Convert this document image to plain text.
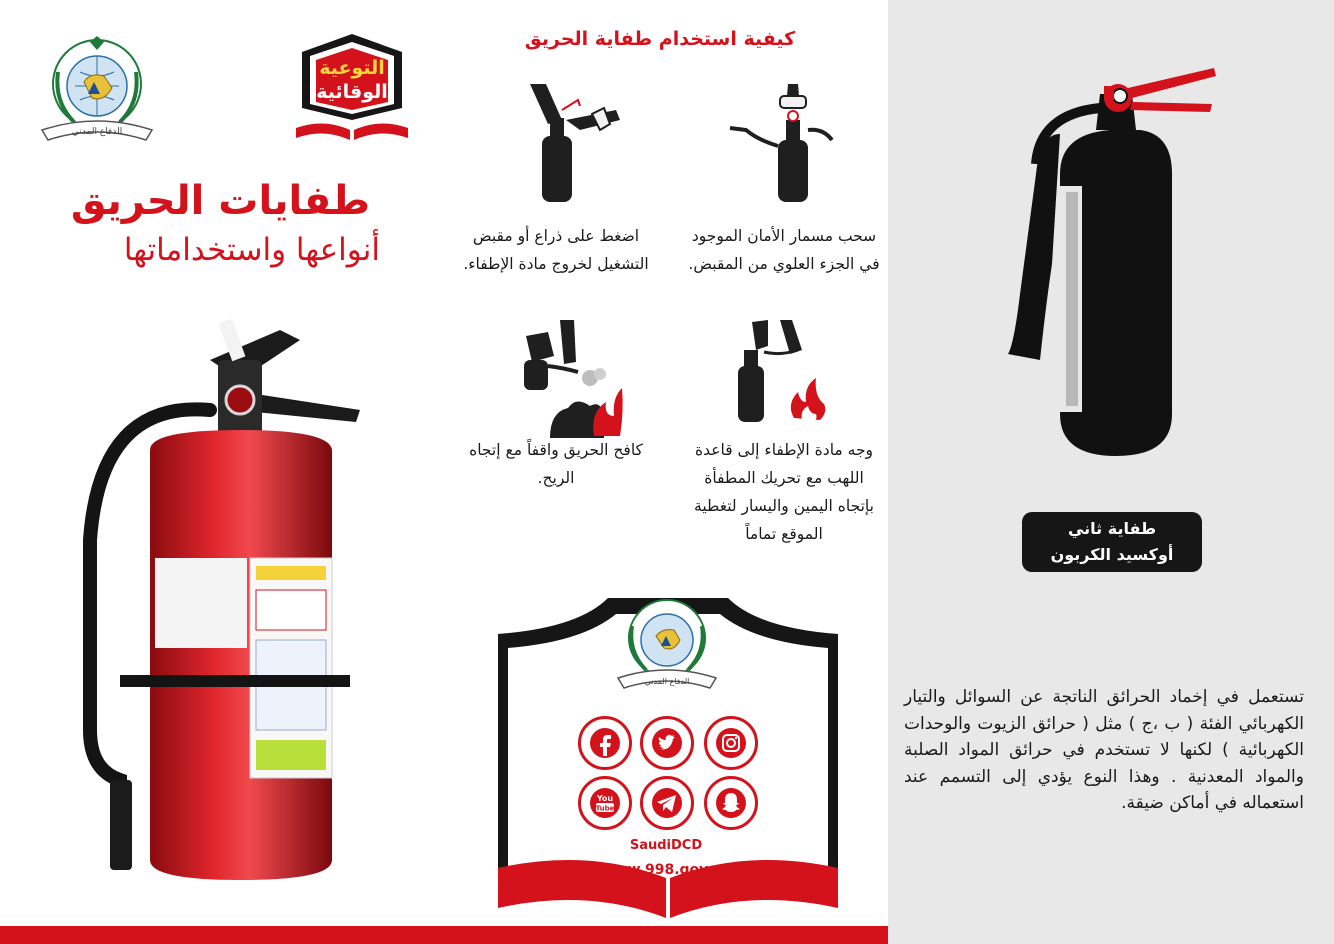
الدفاع المدني
التوعية
الوقائية
طفايات الحريق
أنواعها واستخداماتها
كيفية استخدام طفاية الحريق
سحب مسمار الأمان الموجود في الجزء العلوي من المقبض.
اضغط على ذراع أو مقبض التشغيل لخروج مادة الإطفاء.
وجه مادة الإطفاء إلى قاعدة اللهب مع تحريك المطفأة بإتجاه اليمين واليسار لتغطية الموقع تماماً
كافح الحريق واقفاً مع إتجاه الريح.
الدفاع المدني
You
Tube
SaudiDCD
www.998.gov.sa
طفاية ثاني
أوكسيد الكربون
تستعمل في إخماد الحرائق الناتجة عن السوائل والتيار الكهربائي الفئة ( ب ،ج ) مثل ( حرائق الزيوت والوحدات الكهربائية ) لكنها لا تستخدم في حرائق المواد الصلبة والمواد المعدنية . وهذا النوع يؤدي إلى التسمم عند استعماله في أماكن ضيقة.
